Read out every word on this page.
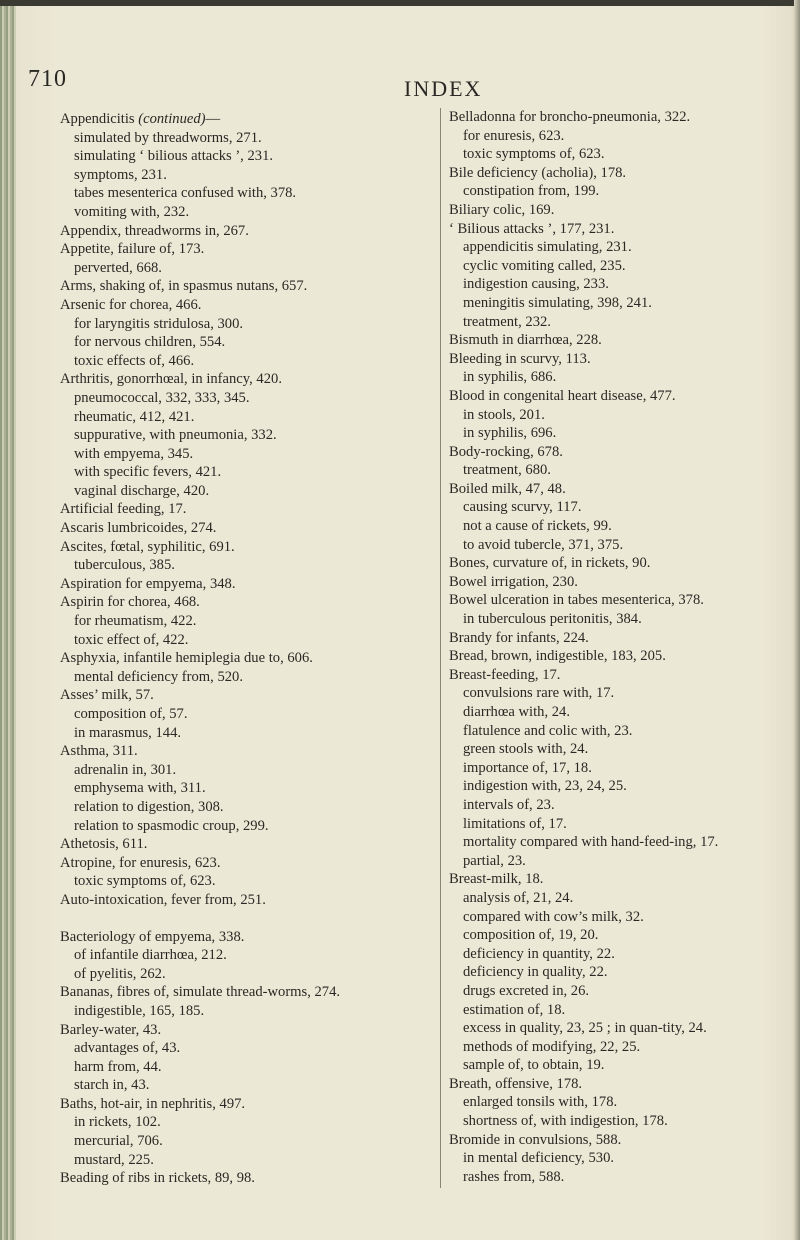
710	INDEX

Appendicitis (continued)—

simulated by threadworms, 271.

simulating ‘ bilious attacks ’, 231.

symptoms, 231.

tabes mesenterica confused with, 378.

vomiting with, 232.

Appendix, threadworms in, 267.

Appetite, failure of, 173.

perverted, 668.

Arms, shaking of, in spasmus nutans, 657.

Arsenic for chorea, 466.

for laryngitis stridulosa, 300.

for nervous children, 554.

toxic effects of, 466.

Arthritis, gonorrhœal, in infancy, 420.

pneumococcal, 332, 333, 345.

rheumatic, 412, 421.

suppurative, with pneumonia, 332.

with empyema, 345.

with specific fevers, 421.

vaginal discharge, 420.

Artificial feeding, 17.

Ascaris lumbricoides, 274.

Ascites, fœtal, syphilitic, 691.

tuberculous, 385.

Aspiration for empyema, 348.

Aspirin for chorea, 468.

for rheumatism, 422.

toxic effect of, 422.

Asphyxia, infantile hemiplegia due to, 606.

mental deficiency from, 520.

Asses’ milk, 57.

composition of, 57.

in marasmus, 144.

Asthma, 311.

adrenalin in, 301.

emphysema with, 311.

relation to digestion, 308.

relation to spasmodic croup, 299.

Athetosis, 611.

Atropine, for enuresis, 623.

toxic symptoms of, 623.

Auto-intoxication, fever from, 251.

Bacteriology of empyema, 338.

of infantile diarrhœa, 212.

of pyelitis, 262.

Bananas, fibres of, simulate thread-worms, 274.

indigestible, 165, 185.

Barley-water, 43.

advantages of, 43.

harm from, 44.

starch in, 43.

Baths, hot-air, in nephritis, 497.

in rickets, 102.

mercurial, 706.

mustard, 225.

Beading of ribs in rickets, 89, 98.

Belladonna for broncho-pneumonia, 322.

for enuresis, 623.

toxic symptoms of, 623.

Bile deficiency (acholia), 178.

constipation from, 199.

Biliary colic, 169.

‘ Bilious attacks ’, 177, 231.

appendicitis simulating, 231.

cyclic vomiting called, 235.

indigestion causing, 233.

meningitis simulating, 398, 241.

treatment, 232.

Bismuth in diarrhœa, 228.

Bleeding in scurvy, 113.

in syphilis, 686.

Blood in congenital heart disease, 477.

in stools, 201.

in syphilis, 696.

Body-rocking, 678.

treatment, 680.

Boiled milk, 47, 48.

causing scurvy, 117.

not a cause of rickets, 99.

to avoid tubercle, 371, 375.

Bones, curvature of, in rickets, 90.

Bowel irrigation, 230.

Bowel ulceration in tabes mesenterica, 378.

in tuberculous peritonitis, 384.

Brandy for infants, 224.

Bread, brown, indigestible, 183, 205.

Breast-feeding, 17.

convulsions rare with, 17.

diarrhœa with, 24.

flatulence and colic with, 23.

green stools with, 24.

importance of, 17, 18.

indigestion with, 23, 24, 25.

intervals of, 23.

limitations of, 17.

mortality compared with hand-feed-ing, 17.

partial, 23.

Breast-milk, 18.

analysis of, 21, 24.

compared with cow’s milk, 32.

composition of, 19, 20.

deficiency in quantity, 22.

deficiency in quality, 22.

drugs excreted in, 26.

estimation of, 18.

excess in quality, 23, 25 ; in quan-tity, 24.

methods of modifying, 22, 25.

sample of, to obtain, 19.

Breath, offensive, 178.

enlarged tonsils with, 178.

shortness of, with indigestion, 178.

Bromide in convulsions, 588.

in mental deficiency, 530.

rashes from, 588.
